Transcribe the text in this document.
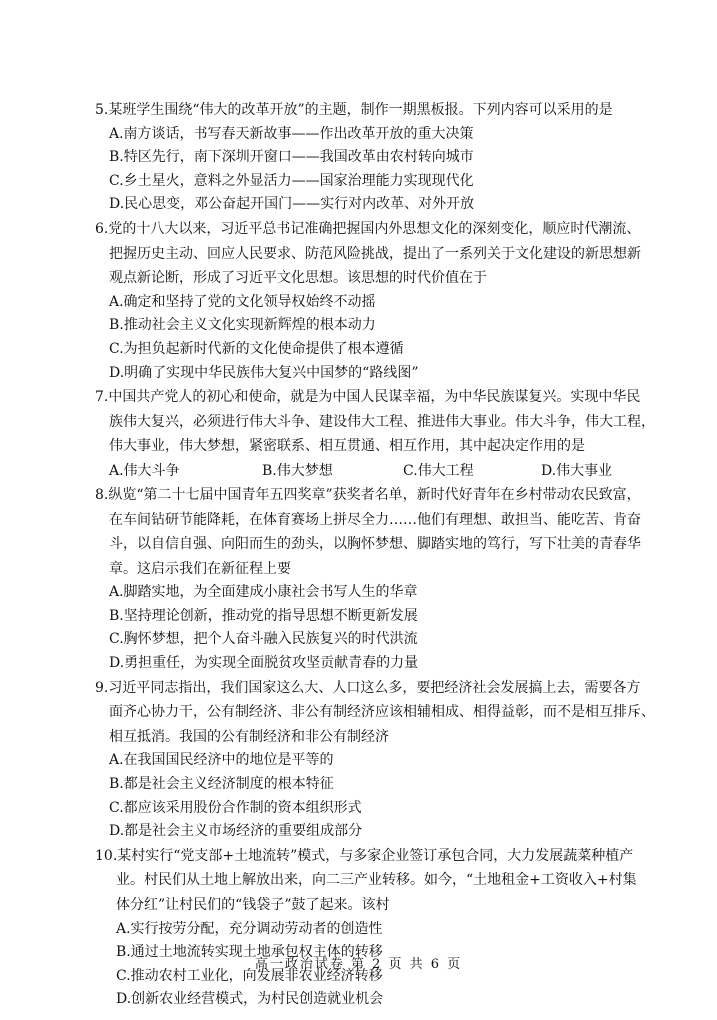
5.某班学生围绕“伟大的改革开放”的主题，制作一期黑板报。下列内容可以采用的是

A.南方谈话，书写春天新故事——作出改革开放的重大决策

B.特区先行，南下深圳开窗口——我国改革由农村转向城市

C.乡土星火，意料之外显活力——国家治理能力实现现代化

D.民心思变，邓公奋起开国门——实行对内改革、对外开放

6.党的十八大以来，习近平总书记准确把握国内外思想文化的深刻变化，顺应时代潮流、

把握历史主动、回应人民要求、防范风险挑战，提出了一系列关于文化建设的新思想新

观点新论断，形成了习近平文化思想。该思想的时代价值在于

A.确定和坚持了党的文化领导权始终不动摇

B.推动社会主义文化实现新辉煌的根本动力

C.为担负起新时代新的文化使命提供了根本遵循

D.明确了实现中华民族伟大复兴中国梦的“路线图”

7.中国共产党人的初心和使命，就是为中国人民谋幸福，为中华民族谋复兴。实现中华民

族伟大复兴，必须进行伟大斗争、建设伟大工程、推进伟大事业。伟大斗争，伟大工程，

伟大事业，伟大梦想，紧密联系、相互贯通、相互作用，其中起决定作用的是

A.伟大斗争	B.伟大梦想	C.伟大工程	D.伟大事业

8.纵览“第二十七届中国青年五四奖章”获奖者名单，新时代好青年在乡村带动农民致富，

在车间钻研节能降耗，在体育赛场上拼尽全力……他们有理想、敢担当、能吃苦、肯奋

斗，以自信自强、向阳而生的劲头，以胸怀梦想、脚踏实地的笃行，写下壮美的青春华

章。这启示我们在新征程上要

A.脚踏实地，为全面建成小康社会书写人生的华章

B.坚持理论创新，推动党的指导思想不断更新发展

C.胸怀梦想，把个人奋斗融入民族复兴的时代洪流

D.勇担重任，为实现全面脱贫攻坚贡献青春的力量

9.习近平同志指出，我们国家这么大、人口这么多，要把经济社会发展搞上去，需要各方

面齐心协力干，公有制经济、非公有制经济应该相辅相成、相得益彰，而不是相互排斥、

相互抵消。我国的公有制经济和非公有制经济

A.在我国国民经济中的地位是平等的

B.都是社会主义经济制度的根本特征

C.都应该采用股份合作制的资本组织形式

D.都是社会主义市场经济的重要组成部分

10.某村实行“党支部+土地流转”模式，与多家企业签订承包合同，大力发展蔬菜种植产

业。村民们从土地上解放出来，向二三产业转移。如今，“土地租金+工资收入+村集

体分红”让村民们的“钱袋子”鼓了起来。该村

A.实行按劳分配，充分调动劳动者的创造性

B.通过土地流转实现土地承包权主体的转移

C.推动农村工业化，向发展非农业经济转移

D.创新农业经营模式，为村民创造就业机会

高一政治试卷 第 2 页 共 6 页
